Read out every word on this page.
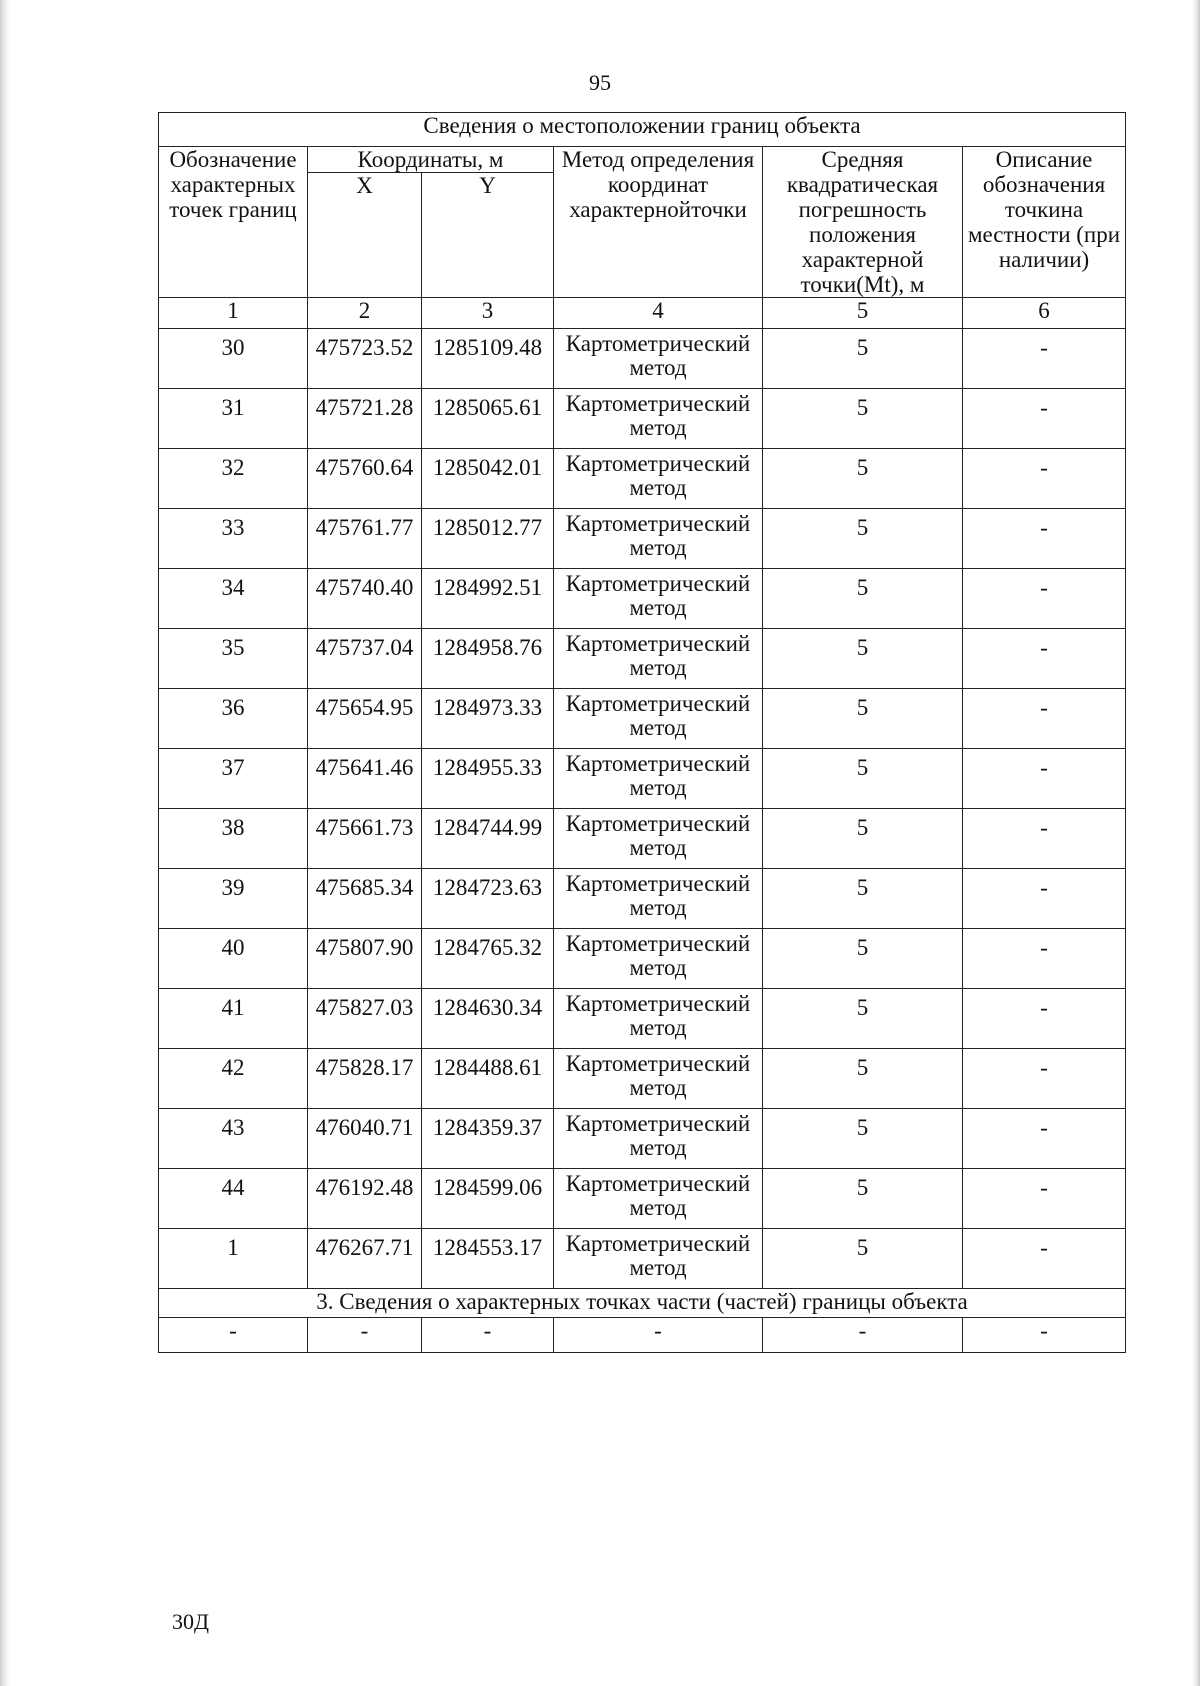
95
Сведения о местоположении границ объекта					
Обозначение характерных точек границ	Координаты, м		Метод определения координат характернойточки	Средняя квадратическая погрешность положения характерной точки(Mt), м	Описание обозначения точкина местности (при наличии)
	X	Y			
1	2	3	4	5	6
30	475723.52	1285109.48	Картометрический метод	5	-
31	475721.28	1285065.61	Картометрический метод	5	-
32	475760.64	1285042.01	Картометрический метод	5	-
33	475761.77	1285012.77	Картометрический метод	5	-
34	475740.40	1284992.51	Картометрический метод	5	-
35	475737.04	1284958.76	Картометрический метод	5	-
36	475654.95	1284973.33	Картометрический метод	5	-
37	475641.46	1284955.33	Картометрический метод	5	-
38	475661.73	1284744.99	Картометрический метод	5	-
39	475685.34	1284723.63	Картометрический метод	5	-
40	475807.90	1284765.32	Картометрический метод	5	-
41	475827.03	1284630.34	Картометрический метод	5	-
42	475828.17	1284488.61	Картометрический метод	5	-
43	476040.71	1284359.37	Картометрический метод	5	-
44	476192.48	1284599.06	Картометрический метод	5	-
1	476267.71	1284553.17	Картометрический метод	5	-
3. Сведения о характерных точках части (частей) границы объекта					
-	-	-	-	-	-
30Д
